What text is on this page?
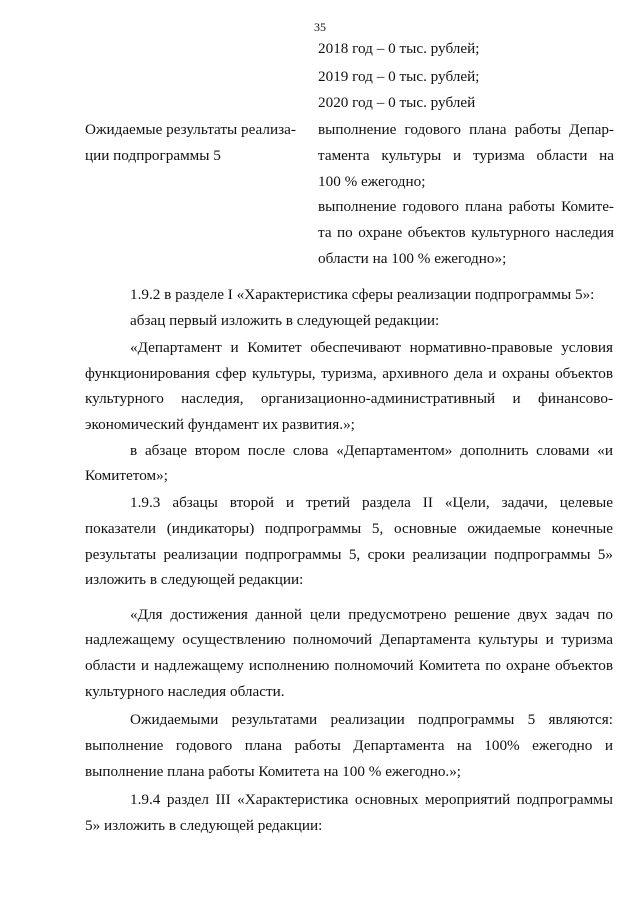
35
2018 год – 0 тыс. рублей;
2019 год – 0 тыс. рублей;
2020 год – 0 тыс. рублей
Ожидаемые результаты реализа-
ции подпрограммы 5
выполнение годового плана работы Депар-
тамента культуры и туризма области на
100 % ежегодно;
выполнение годового плана работы Комите-
та по охране объектов культурного наследия
области на 100 % ежегодно»;
1.9.2 в разделе I «Характеристика сферы реализации подпрограммы 5»:
абзац первый изложить в следующей редакции:
«Департамент и Комитет обеспечивают нормативно-правовые условия
функционирования сфер культуры, туризма, архивного дела и охраны объектов
культурного наследия, организационно-административный и финансово-
экономический фундамент их развития.»;
в абзаце втором после слова «Департаментом» дополнить словами «и
Комитетом»;
1.9.3 абзацы второй и третий раздела II «Цели, задачи, целевые
показатели (индикаторы) подпрограммы 5, основные ожидаемые конечные
результаты реализации подпрограммы 5, сроки реализации подпрограммы 5»
изложить в следующей редакции:
«Для достижения данной цели предусмотрено решение двух задач по
надлежащему осуществлению полномочий Департамента культуры и туризма
области и надлежащему исполнению полномочий Комитета по охране объектов
культурного наследия области.
Ожидаемыми результатами реализации подпрограммы 5 являются:
выполнение годового плана работы Департамента на 100% ежегодно и
выполнение плана работы Комитета на 100 % ежегодно.»;
1.9.4 раздел III «Характеристика основных мероприятий подпрограммы
5» изложить в следующей редакции:
